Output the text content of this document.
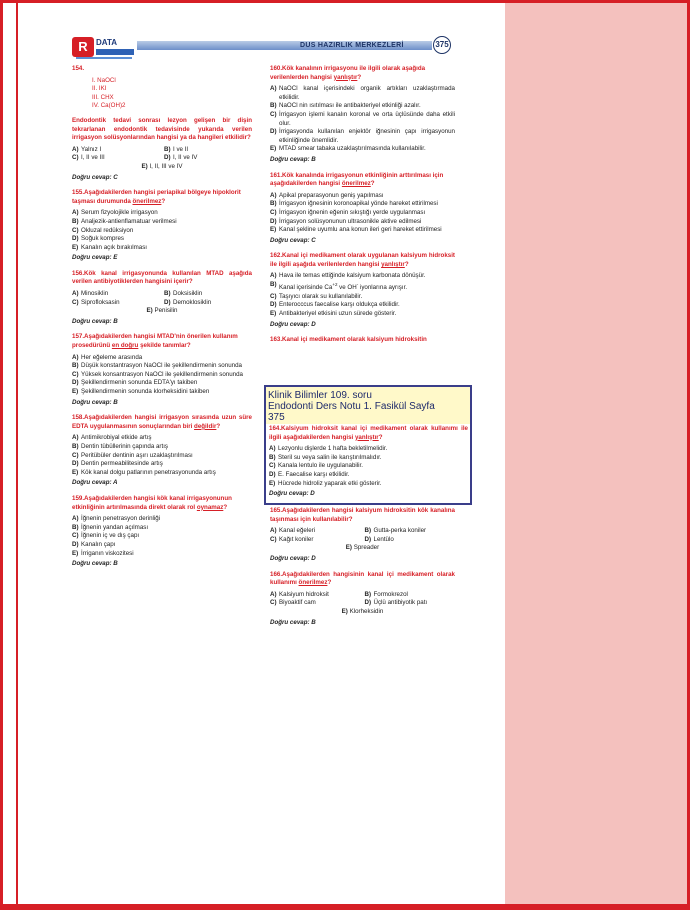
R	DATA	DUS HAZIRLIK MERKEZLERİ	375
154.
I. NaOCl
II. IKI
III. CHX
IV. Ca(OH)2
Endodontik tedavi sonrası lezyon gelişen bir dişin tekrarlanan endodontik tedavisinde yukarıda verilen irrigasyon solüsyonlarından hangisi ya da hangileri etkilidir?
A) Yalnız I	B) I ve II
C) I, II ve III	D) I, II ve IV
E) I, II, III ve IV
Doğru cevap: C
155.Aşağıdakilerden hangisi periapikal bölgeye hipoklorit taşması durumunda önerilmez?
A) Serum fizyolojikle irrigasyon
B) Analjezik-antienflamatuar verilmesi
C) Okluzal redüksiyon
D) Soğuk kompres
E) Kanalın açık bırakılması
Doğru cevap: E
156.Kök kanal irrigasyonunda kullanılan MTAD aşağıda verilen antibiyotiklerden hangisini içerir?
A) Minosiklin	B) Doksisiklin
C) Siprofloksasin	D) Demoklosiklin
E) Penisilin
Doğru cevap: B
157.Aşağıdakilerden hangisi MTAD'nin önerilen kullanım prosedürünü en doğru şekilde tanımlar?
A) Her eğeleme arasında
B) Düşük konstantrasyon NaOCl ile şekillendirmenin sonunda
C) Yüksek konsantrasyon NaOCl ile şekillendirmenin sonunda
D) Şekillendirmenin sonunda EDTA'yı takiben
E) Şekillendirmenin sonunda klorheksidini takiben
Doğru cevap: B
158.Aşağıdakilerden hangisi irrigasyon sırasında uzun süre EDTA uygulanmasının sonuçlarından biri değildir?
A) Antimikrobiyal etkide artış
B) Dentin tübüllerinin çapında artış
C) Peritübüler dentinin aşırı uzaklaştırılması
D) Dentin permeabilitesinde artış
E) Kök kanal dolgu patlarının penetrasyonunda artış
Doğru cevap: A
159.Aşağıdakilerden hangisi kök kanal irrigasyonunun etkinliğinin artırılmasında direkt olarak rol oynamaz?
A) İğnenin penetrasyon derinliği
B) İğnenin yandan açılması
C) İğnenin iç ve dış çapı
D) Kanalın çapı
E) İrriganın viskozitesi
Doğru cevap: B
160.Kök kanalının irrigasyonu ile ilgili olarak aşağıda verilenlerden hangisi yanlıştır?
A) NaOCl kanal içerisindeki organik artıkları uzaklaştırmada etkilidir.
B) NaOCl nin ısıtılması ile antibakteriyel etkinliği azalır.
C) İrrigasyon işlemi kanalın koronal ve orta üçlüsünde daha etkili olur.
D) İrrigasyonda kullanılan enjektör iğnesinin çapı irrigasyonun etkinliğinde önemlidir.
E) MTAD smear tabaka uzaklaştırılmasında kullanılabilir.
Doğru cevap: B
161.Kök kanalında irrigasyonun etkinliğinin arttırılması için aşağıdakilerden hangisi önerilmez?
A) Apikal preparasyonun geniş yapılması
B) İrrigasyon iğnesinin koronoapikal yönde hareket ettirilmesi
C) İrrigasyon iğnenin eğenin sıkıştığı yerde uygulanması
D) İrrigasyon solüsyonunun ultrasonikle aktive edilmesi
E) Kanal şekline uyumlu ana konun ileri geri hareket ettirilmesi
Doğru cevap: C
162.Kanal içi medikament olarak uygulanan kalsiyum hidroksit ile ilgili aşağıda verilenlerden hangisi yanlıştır?
A) Hava ile temas ettiğinde kalsiyum karbonata dönüşür.
B) Kanal içerisinde $Ca^{+2}$ ve OH- iyonlarına ayrışır.
C) Taşıyıcı olarak su kullanılabilir.
D) Enterocccus faecalise karşı oldukça etkilidir.
E) Antibakteriyel etkisini uzun sürede gösterir.
Doğru cevap: D
163.Kanal içi medikament olarak kalsiyum hidroksitin
Klinik Bilimler 109. soru
Endodonti Ders Notu 1. Fasikül Sayfa
375
164.Kalsiyum hidroksit kanal içi medikament olarak kullanımı ile ilgili aşağıdakilerden hangisi yanlıştır?
A) Lezyonlu dişlerde 1 hafta bekletilmelidir.
B) Steril su veya salin ile karıştırılmalıdır.
C) Kanala lentulo ile uygulanabilir.
D) E. Faecalise karşı etkilidir.
E) Hücrede hidroliz yaparak etki gösterir.
Doğru cevap: D
165.Aşağıdakilerden hangisi kalsiyum hidroksitin kök kanalına taşınması için kullanılabilir?
A) Kanal eğeleri	B) Gutta-perka koniler
C) Kağıt koniler	D) Lentülo
E) Spreader
Doğru cevap: D
166.Aşağıdakilerden hangisinin kanal içi medikament olarak kullanımı önerilmez?
A) Kalsiyum hidroksit	B) Formokrezol
C) Biyoaktif cam	D) Üçlü antibiyotik patı
E) Klorheksidin
Doğru cevap: B
